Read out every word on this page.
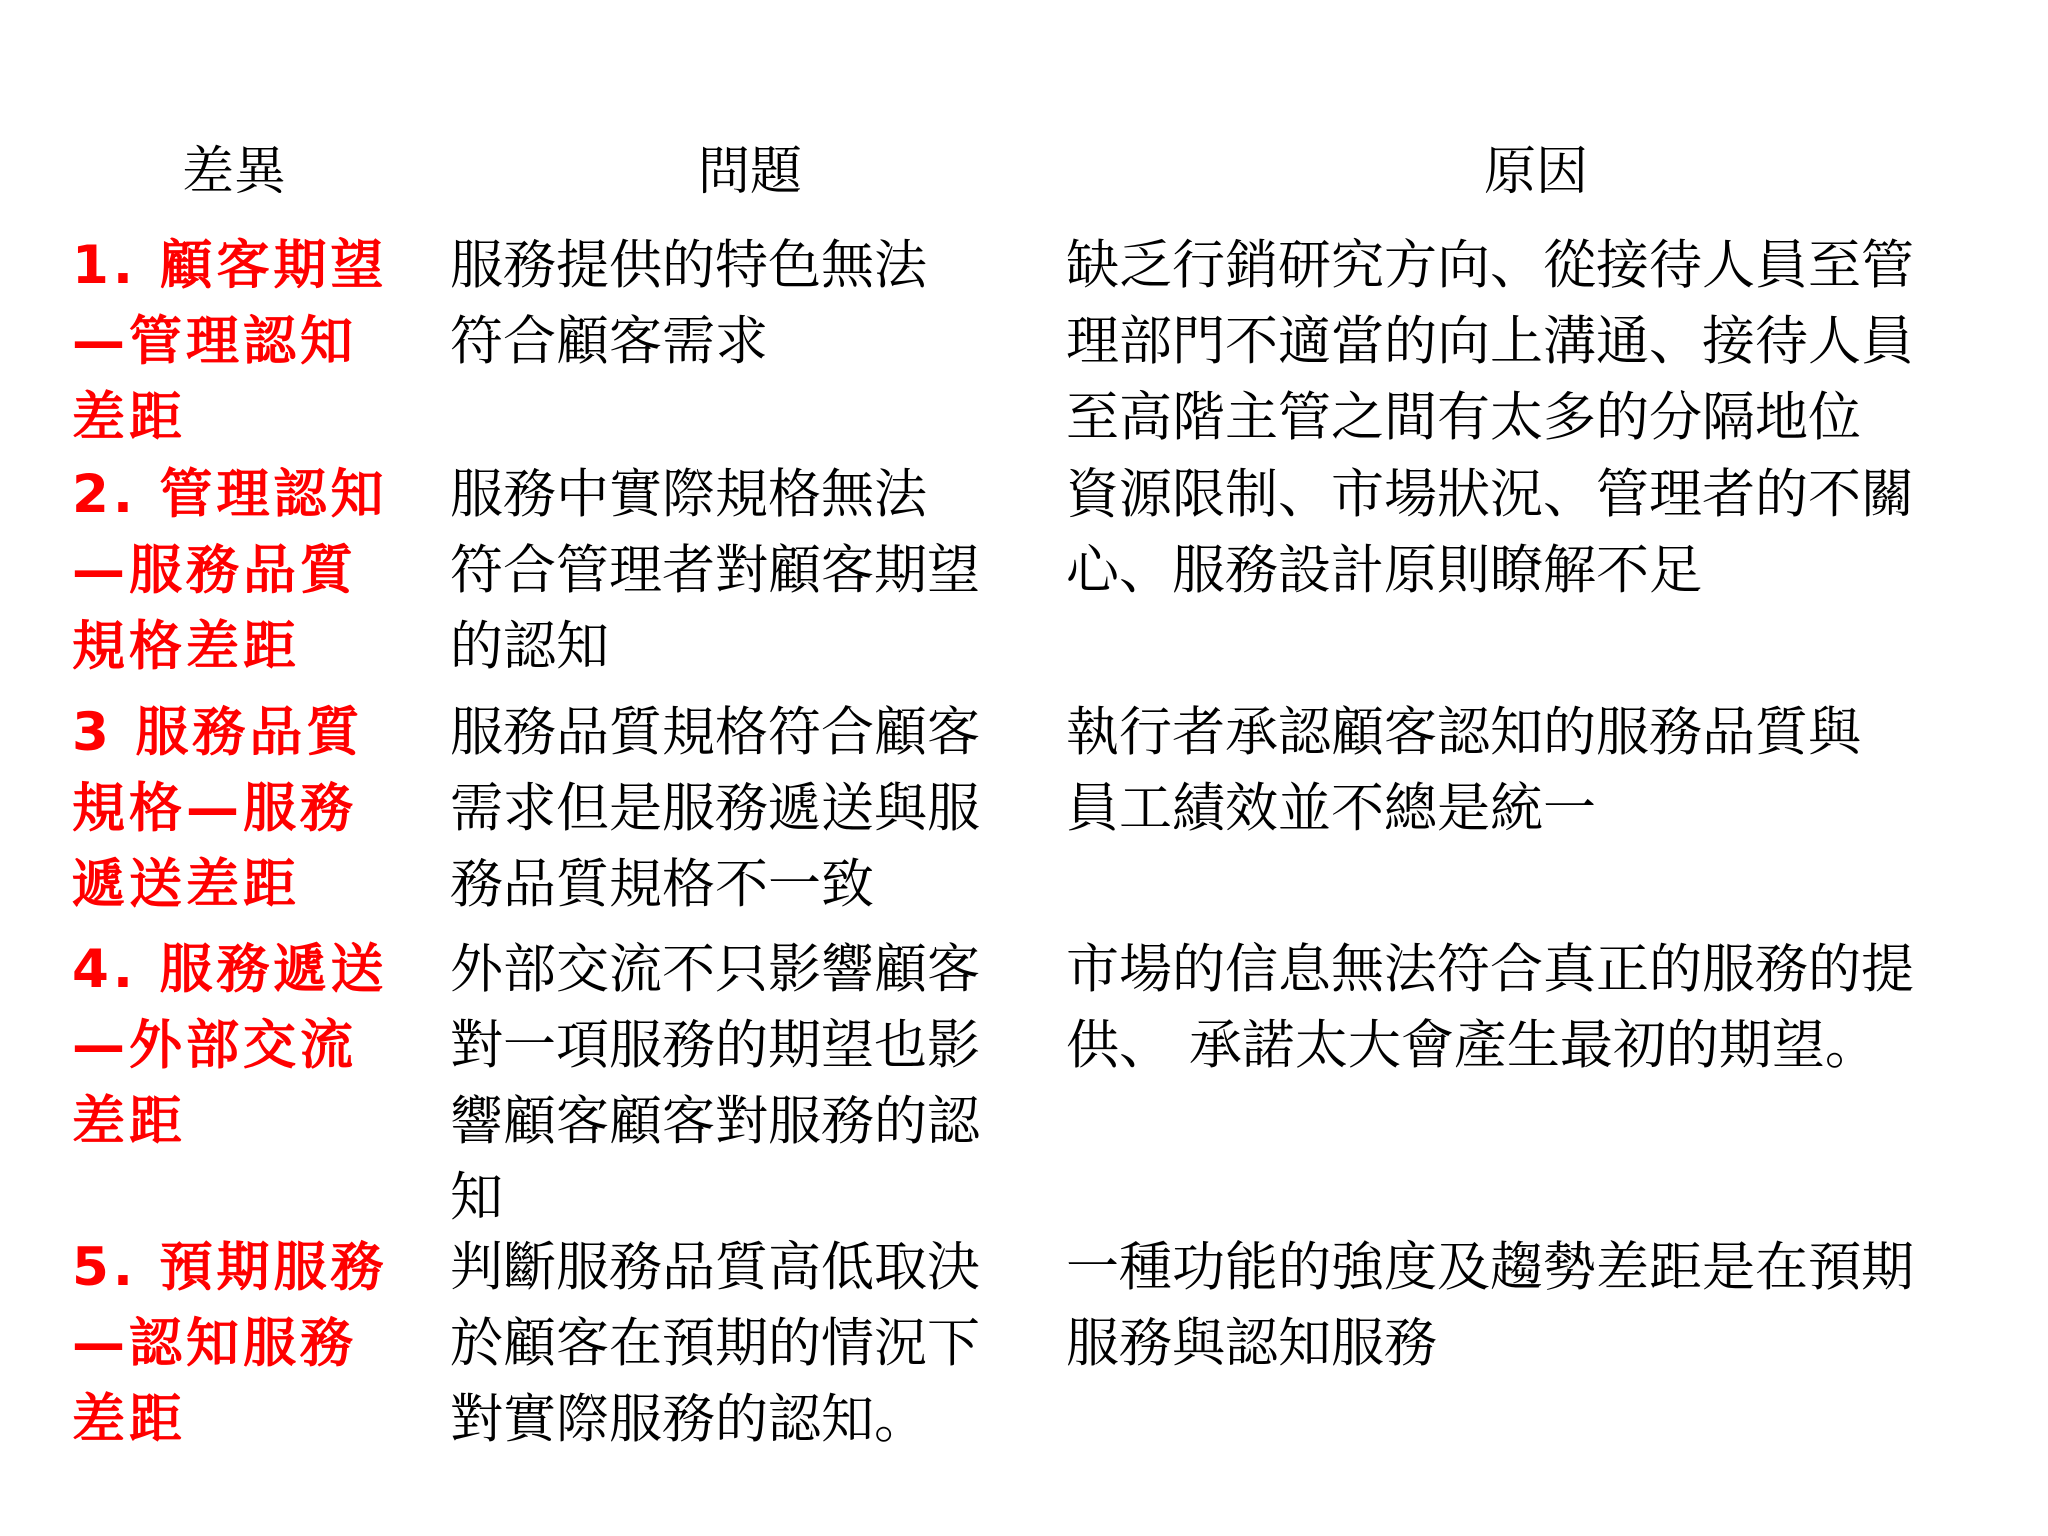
差異	問題	原因
1. 顧客期望
—管理認知
差距
服務提供的特色無法
符合顧客需求
缺乏行銷研究方向、從接待人員至管
理部門不適當的向上溝通、接待人員
至高階主管之間有太多的分隔地位
2. 管理認知
—服務品質
規格差距
服務中實際規格無法
符合管理者對顧客期望
的認知
資源限制、市場狀況、管理者的不關
心、服務設計原則瞭解不足
3 服務品質
規格—服務
遞送差距
服務品質規格符合顧客
需求但是服務遞送與服
務品質規格不一致
執行者承認顧客認知的服務品質與
員工績效並不總是統一
4. 服務遞送
—外部交流
差距
外部交流不只影響顧客
對一項服務的期望也影
響顧客顧客對服務的認
知
市場的信息無法符合真正的服務的提
供、 承諾太大會產生最初的期望。
5. 預期服務
—認知服務
差距
判斷服務品質高低取決
於顧客在預期的情況下
對實際服務的認知。
一種功能的強度及趨勢差距是在預期
服務與認知服務
